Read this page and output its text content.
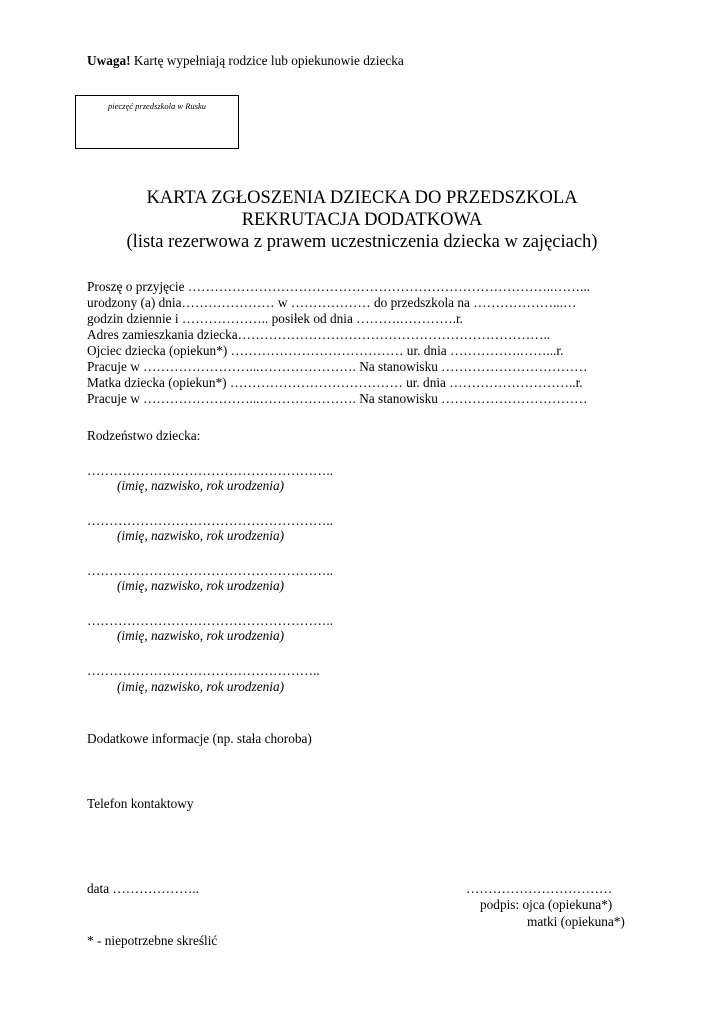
Uwaga! Kartę wypełniają rodzice lub opiekunowie dziecka
pieczęć przedszkola w Rusku
KARTA ZGŁOSZENIA DZIECKA DO PRZEDSZKOLA
REKRUTACJA DODATKOWA
(lista rezerwowa z prawem uczestniczenia dziecka w zajęciach)
Proszę o przyjęcie ………………………………………………………………………..……...
urodzony (a) dnia………………… w ……………… do przedszkola na ………………...…
godzin dziennie i ……………….. posiłek od dnia ……….………….r.
Adres zamieszkania dziecka……………………………………………………………..
Ojciec dziecka (opiekun*) ………………………………… ur. dnia …………….……...r.
Pracuje w ……………………...…………………. Na stanowisku ……………………………
Matka dziecka (opiekun*) ………………………………… ur. dnia ………………………..r.
Pracuje w ……………………...…………………. Na stanowisku ……………………………
Rodzeństwo dziecka:
………………………………………………..
(imię, nazwisko, rok urodzenia)
………………………………………………..
(imię, nazwisko, rok urodzenia)
………………………………………………..
(imię, nazwisko, rok urodzenia)
………………………………………………..
(imię, nazwisko, rok urodzenia)
……………………………………………..
(imię, nazwisko, rok urodzenia)
Dodatkowe informacje (np. stała choroba)
Telefon kontaktowy
data ………………..	……………………………
podpis: ojca (opiekuna*)
matki (opiekuna*)
* - niepotrzebne skreślić
